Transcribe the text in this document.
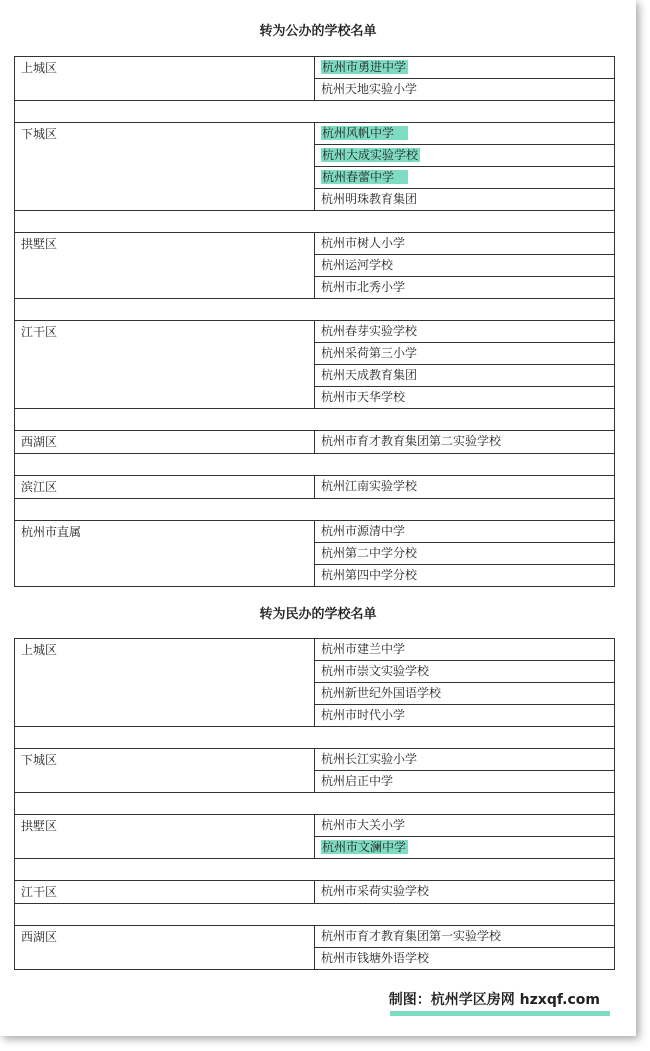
转为公办的学校名单
上城区	杭州市勇进中学
	杭州天地实验小学

下城区	杭州风帆中学
	杭州大成实验学校
	杭州春蕾中学
	杭州明珠教育集团

拱墅区	杭州市树人小学
	杭州运河学校
	杭州市北秀小学

江干区	杭州春芽实验学校
	杭州采荷第三小学
	杭州天成教育集团
	杭州市天华学校

西湖区	杭州市育才教育集团第二实验学校

滨江区	杭州江南实验学校

杭州市直属	杭州市源清中学
	杭州第二中学分校
	杭州第四中学分校
转为民办的学校名单
上城区	杭州市建兰中学
	杭州市崇文实验学校
	杭州新世纪外国语学校
	杭州市时代小学

下城区	杭州长江实验小学
	杭州启正中学

拱墅区	杭州市大关小学
	杭州市文澜中学

江干区	杭州市采荷实验学校

西湖区	杭州市育才教育集团第一实验学校
	杭州市钱塘外语学校
制图：杭州学区房网 hzxqf.com
